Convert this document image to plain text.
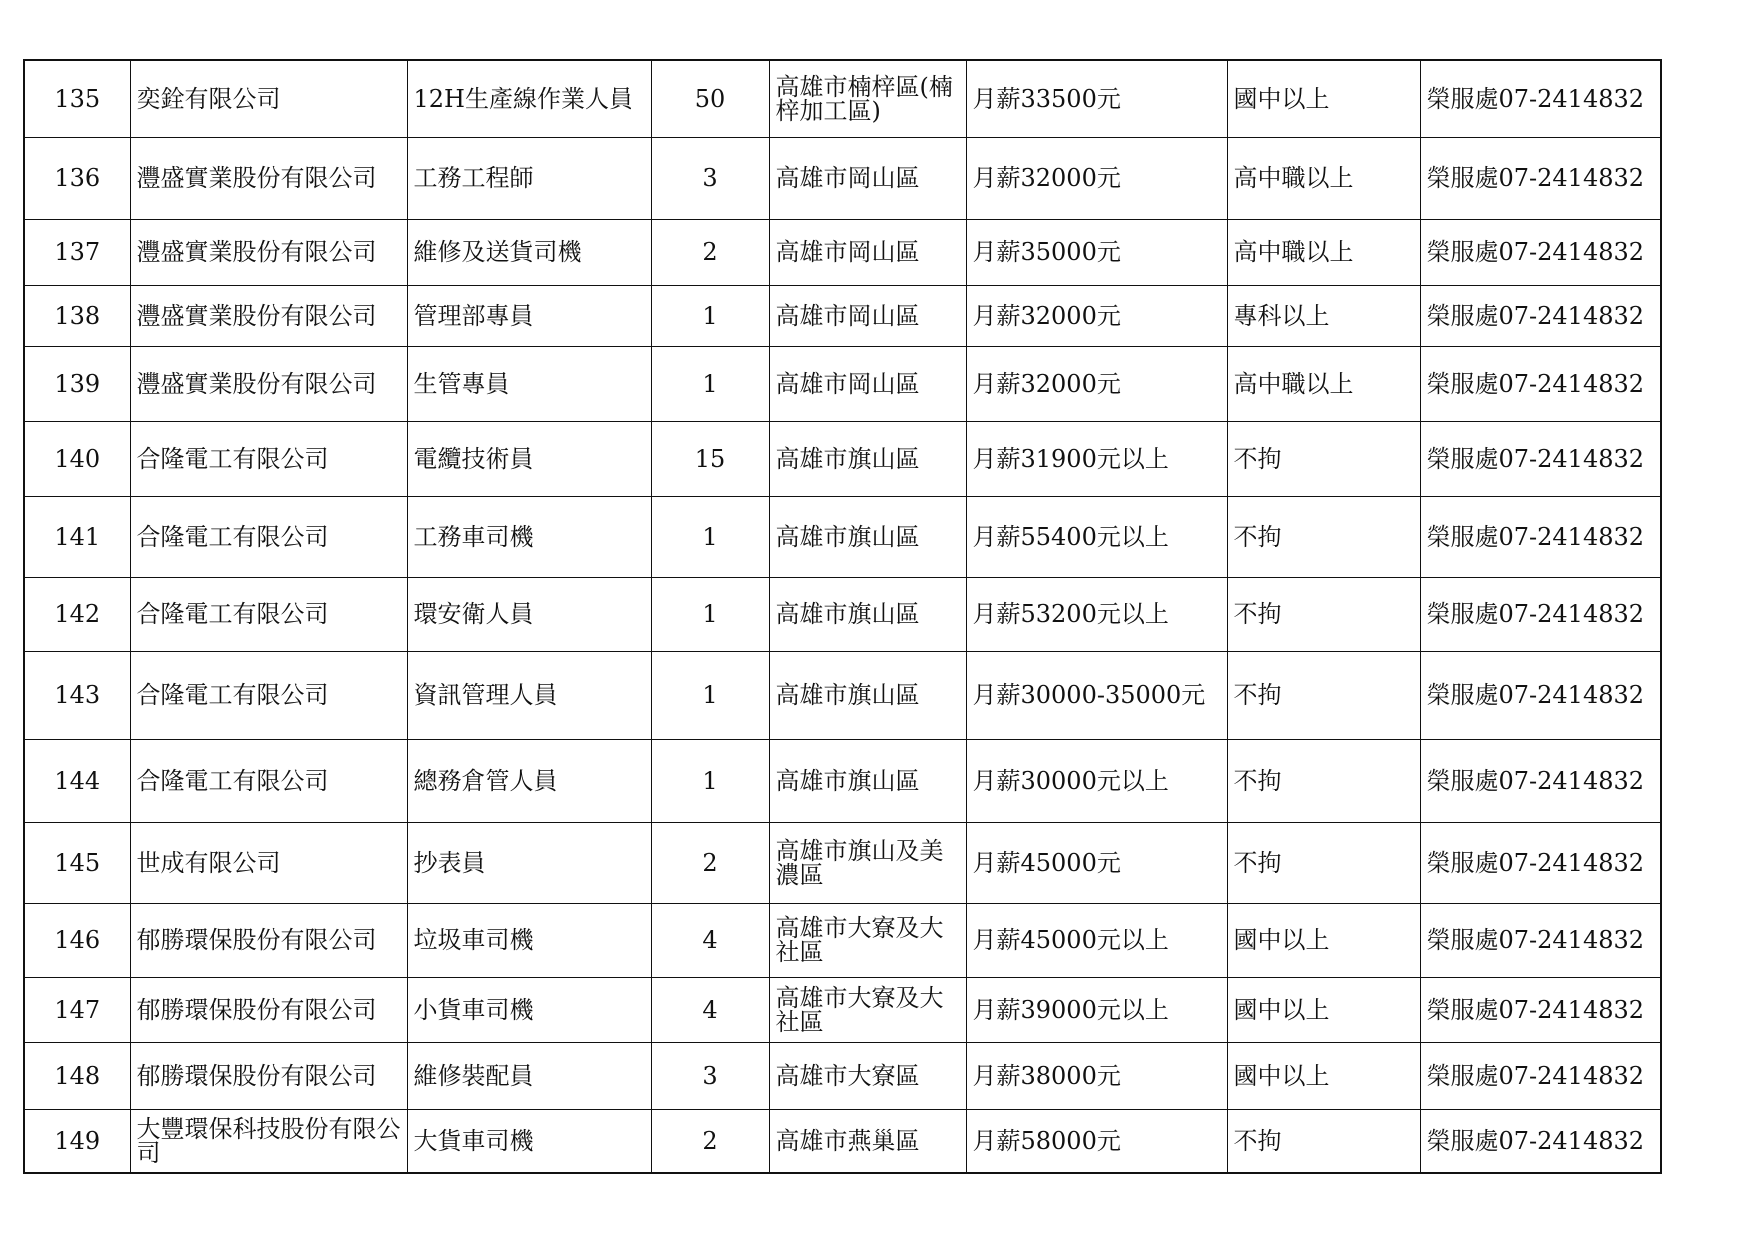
135	奕銓有限公司	12H生產線作業人員	50	高雄市楠梓區(楠梓加工區)	月薪33500元	國中以上	榮服處07-2414832
136	灃盛實業股份有限公司	工務工程師	3	高雄市岡山區	月薪32000元	高中職以上	榮服處07-2414832
137	灃盛實業股份有限公司	維修及送貨司機	2	高雄市岡山區	月薪35000元	高中職以上	榮服處07-2414832
138	灃盛實業股份有限公司	管理部專員	1	高雄市岡山區	月薪32000元	專科以上	榮服處07-2414832
139	灃盛實業股份有限公司	生管專員	1	高雄市岡山區	月薪32000元	高中職以上	榮服處07-2414832
140	合隆電工有限公司	電纜技術員	15	高雄市旗山區	月薪31900元以上	不拘	榮服處07-2414832
141	合隆電工有限公司	工務車司機	1	高雄市旗山區	月薪55400元以上	不拘	榮服處07-2414832
142	合隆電工有限公司	環安衛人員	1	高雄市旗山區	月薪53200元以上	不拘	榮服處07-2414832
143	合隆電工有限公司	資訊管理人員	1	高雄市旗山區	月薪30000-35000元	不拘	榮服處07-2414832
144	合隆電工有限公司	總務倉管人員	1	高雄市旗山區	月薪30000元以上	不拘	榮服處07-2414832
145	世成有限公司	抄表員	2	高雄市旗山及美濃區	月薪45000元	不拘	榮服處07-2414832
146	郁勝環保股份有限公司	垃圾車司機	4	高雄市大寮及大社區	月薪45000元以上	國中以上	榮服處07-2414832
147	郁勝環保股份有限公司	小貨車司機	4	高雄市大寮及大社區	月薪39000元以上	國中以上	榮服處07-2414832
148	郁勝環保股份有限公司	維修裝配員	3	高雄市大寮區	月薪38000元	國中以上	榮服處07-2414832
149	大豐環保科技股份有限公司	大貨車司機	2	高雄市燕巢區	月薪58000元	不拘	榮服處07-2414832
